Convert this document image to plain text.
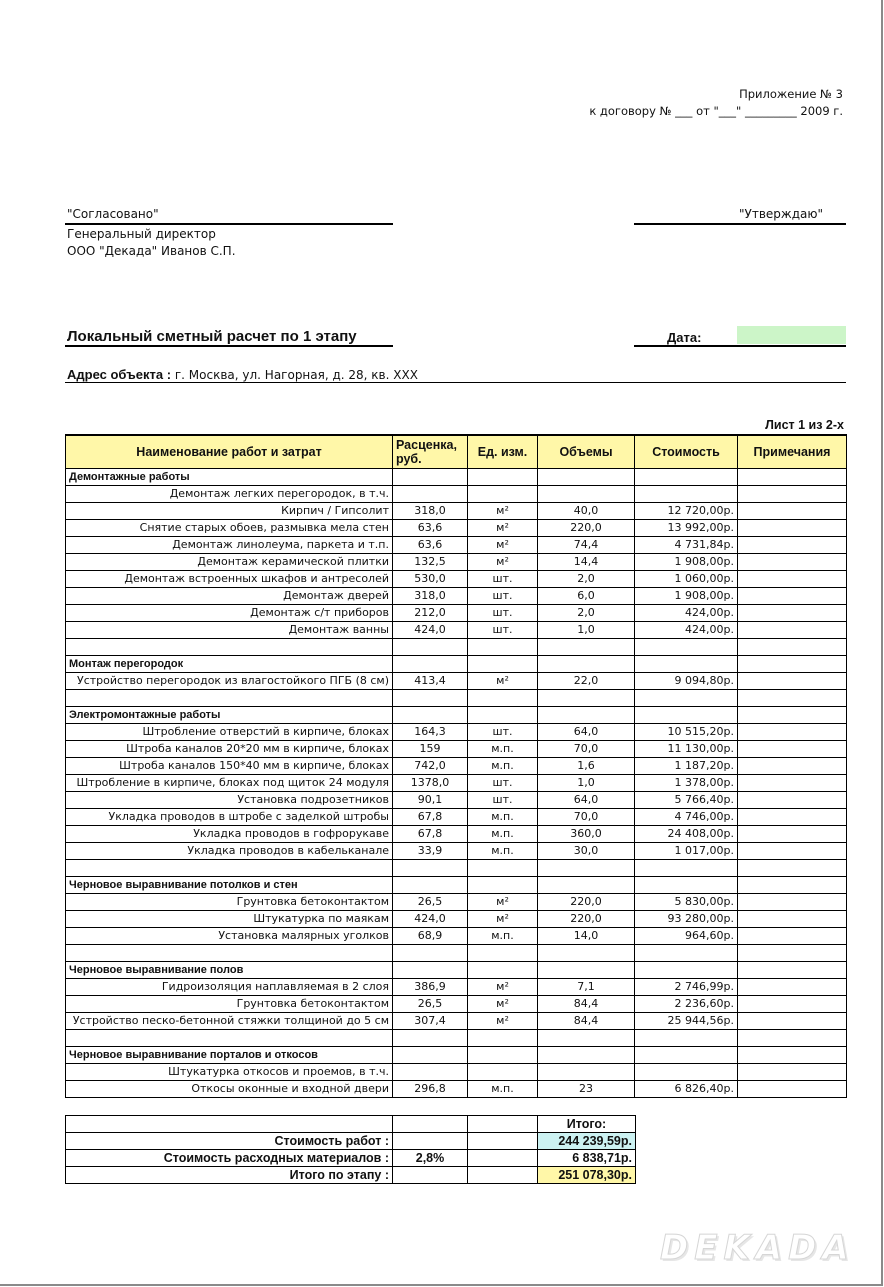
Приложение № 3
к договору № ___ от "___" _________ 2009 г.
"Согласовано"
Генеральный директор
ООО "Декада" Иванов С.П.
"Утверждаю"
Локальный сметный расчет по 1 этапу	Дата:
Адрес объекта : г. Москва, ул. Нагорная, д. 28, кв. XXX
Лист 1 из 2-х
Наименование работ и затрат	Расценка, руб.	Ед. изм.	Объемы	Стоимость	Примечания
Демонтажные работы					
Демонтаж легких перегородок, в т.ч.					
Кирпич / Гипсолит	318,0	м²	40,0	12 720,00р.	
Снятие старых обоев, размывка мела стен	63,6	м²	220,0	13 992,00р.	
Демонтаж линолеума, паркета и т.п.	63,6	м²	74,4	4 731,84р.	
Демонтаж керамической плитки	132,5	м²	14,4	1 908,00р.	
Демонтаж встроенных шкафов и антресолей	530,0	шт.	2,0	1 060,00р.	
Демонтаж дверей	318,0	шт.	6,0	1 908,00р.	
Демонтаж с/т приборов	212,0	шт.	2,0	424,00р.	
Демонтаж ванны	424,0	шт.	1,0	424,00р.	

Монтаж перегородок					
Устройство перегородок из влагостойкого ПГБ (8 см)	413,4	м²	22,0	9 094,80р.	

Электромонтажные работы					
Штробление отверстий в кирпиче, блоках	164,3	шт.	64,0	10 515,20р.	
Штроба каналов 20*20 мм в кирпиче, блоках	159	м.п.	70,0	11 130,00р.	
Штроба каналов 150*40 мм в кирпиче, блоках	742,0	м.п.	1,6	1 187,20р.	
Штробление в кирпиче, блоках под щиток 24 модуля	1378,0	шт.	1,0	1 378,00р.	
Установка подрозетников	90,1	шт.	64,0	5 766,40р.	
Укладка проводов в штробе с заделкой штробы	67,8	м.п.	70,0	4 746,00р.	
Укладка проводов в гофрорукаве	67,8	м.п.	360,0	24 408,00р.	
Укладка проводов в кабельканале	33,9	м.п.	30,0	1 017,00р.	

Черновое выравнивание потолков и стен					
Грунтовка бетоконтактом	26,5	м²	220,0	5 830,00р.	
Штукатурка по маякам	424,0	м²	220,0	93 280,00р.	
Установка малярных уголков	68,9	м.п.	14,0	964,60р.	

Черновое выравнивание полов					
Гидроизоляция наплавляемая в 2 слоя	386,9	м²	7,1	2 746,99р.	
Грунтовка бетоконтактом	26,5	м²	84,4	2 236,60р.	
Устройство песко-бетонной стяжки толщиной до 5 см	307,4	м²	84,4	25 944,56р.	

Черновое выравнивание порталов и откосов					
Штукатурка откосов и проемов, в т.ч.					
Откосы оконные и входной двери	296,8	м.п.	23	6 826,40р.	
			Итого:
Стоимость работ :			244 239,59р.
Стоимость расходных материалов :	2,8%		6 838,71р.
Итого по этапу :			251 078,30р.
DEKADA
